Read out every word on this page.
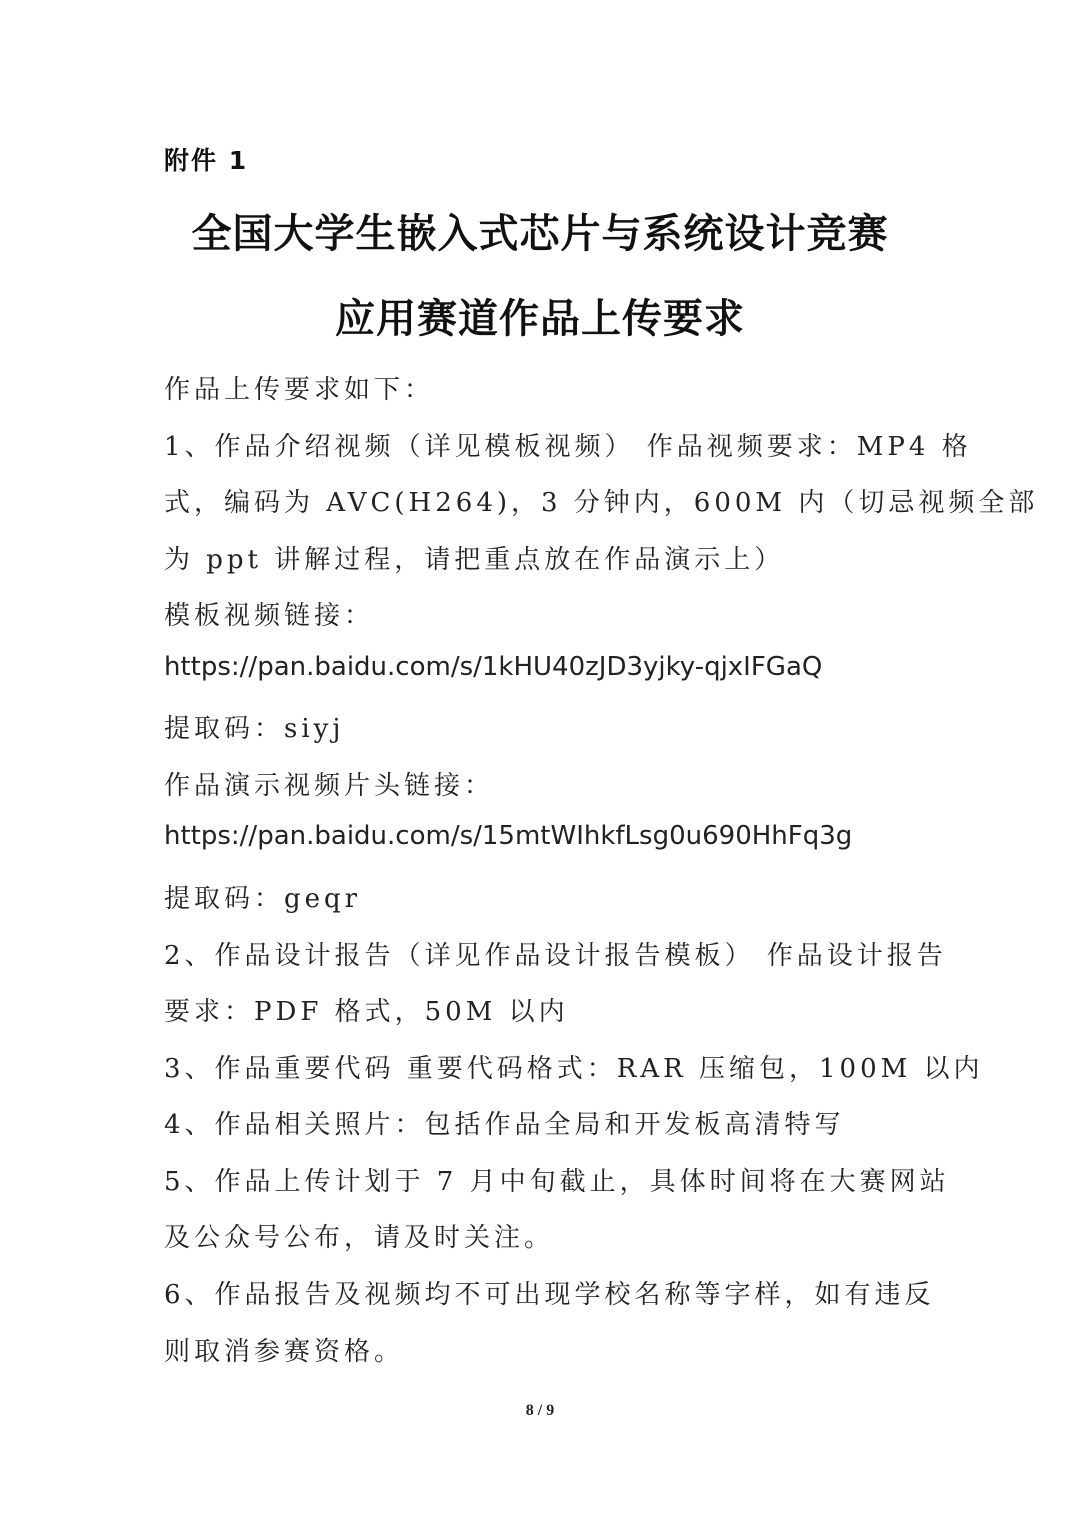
附件 1
全国大学生嵌入式芯片与系统设计竞赛
应用赛道作品上传要求
作品上传要求如下：
1、作品介绍视频（详见模板视频） 作品视频要求：MP4 格
式，编码为 AVC(H264)，3 分钟内，600M 内（切忌视频全部
为 ppt 讲解过程，请把重点放在作品演示上）
模板视频链接：
https://pan.baidu.com/s/1kHU40zJD3yjky-qjxIFGaQ
提取码：siyj
作品演示视频片头链接：
https://pan.baidu.com/s/15mtWIhkfLsg0u690HhFq3g
提取码：geqr
2、作品设计报告（详见作品设计报告模板） 作品设计报告
要求：PDF 格式，50M 以内
3、作品重要代码 重要代码格式：RAR 压缩包，100M 以内
4、作品相关照片：包括作品全局和开发板高清特写
5、作品上传计划于 7 月中旬截止，具体时间将在大赛网站
及公众号公布，请及时关注。
6、作品报告及视频均不可出现学校名称等字样，如有违反
则取消参赛资格。
8 / 9
